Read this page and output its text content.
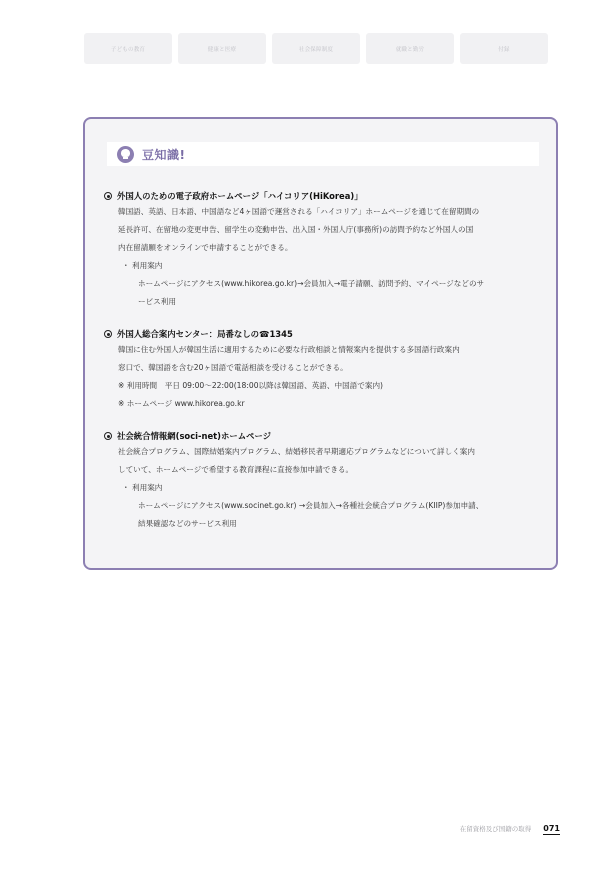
子どもの教育	健康と医療	社会保障制度	就職と勤労	付録
豆知識!
外国人のための電子政府ホームページ「ハイコリア(HiKorea)」
韓国語、英語、日本語、中国語など4ヶ国語で運営される「ハイコリア」ホームページを通じて在留期間の
延長許可、在留地の変更申告、留学生の変動申告、出入国・外国人庁(事務所)の訪問予約など外国人の国
内在留請願をオンラインで申請することができる。
・ 利用案内
ホームページにアクセス(www.hikorea.go.kr)→会員加入→電子請願、訪問予約、マイページなどのサ
ービス利用
外国人総合案内センター：局番なしの☎1345
韓国に住む外国人が韓国生活に適用するために必要な行政相談と情報案内を提供する多国語行政案内
窓口で、韓国語を含む20ヶ国語で電話相談を受けることができる。
※ 利用時間　平日 09:00～22:00(18:00以降は韓国語、英語、中国語で案内)
※ ホームページ www.hikorea.go.kr
社会統合情報網(soci-net)ホームページ
社会統合プログラム、国際結婚案内プログラム、結婚移民者早期適応プログラムなどについて詳しく案内
していて、ホームページで希望する教育課程に直接参加申請できる。
・ 利用案内
ホームページにアクセス(www.socinet.go.kr) →会員加入→各種社会統合プログラム(KIIP)参加申請、
結果確認などのサービス利用
在留資格及び国籍の取得 071
